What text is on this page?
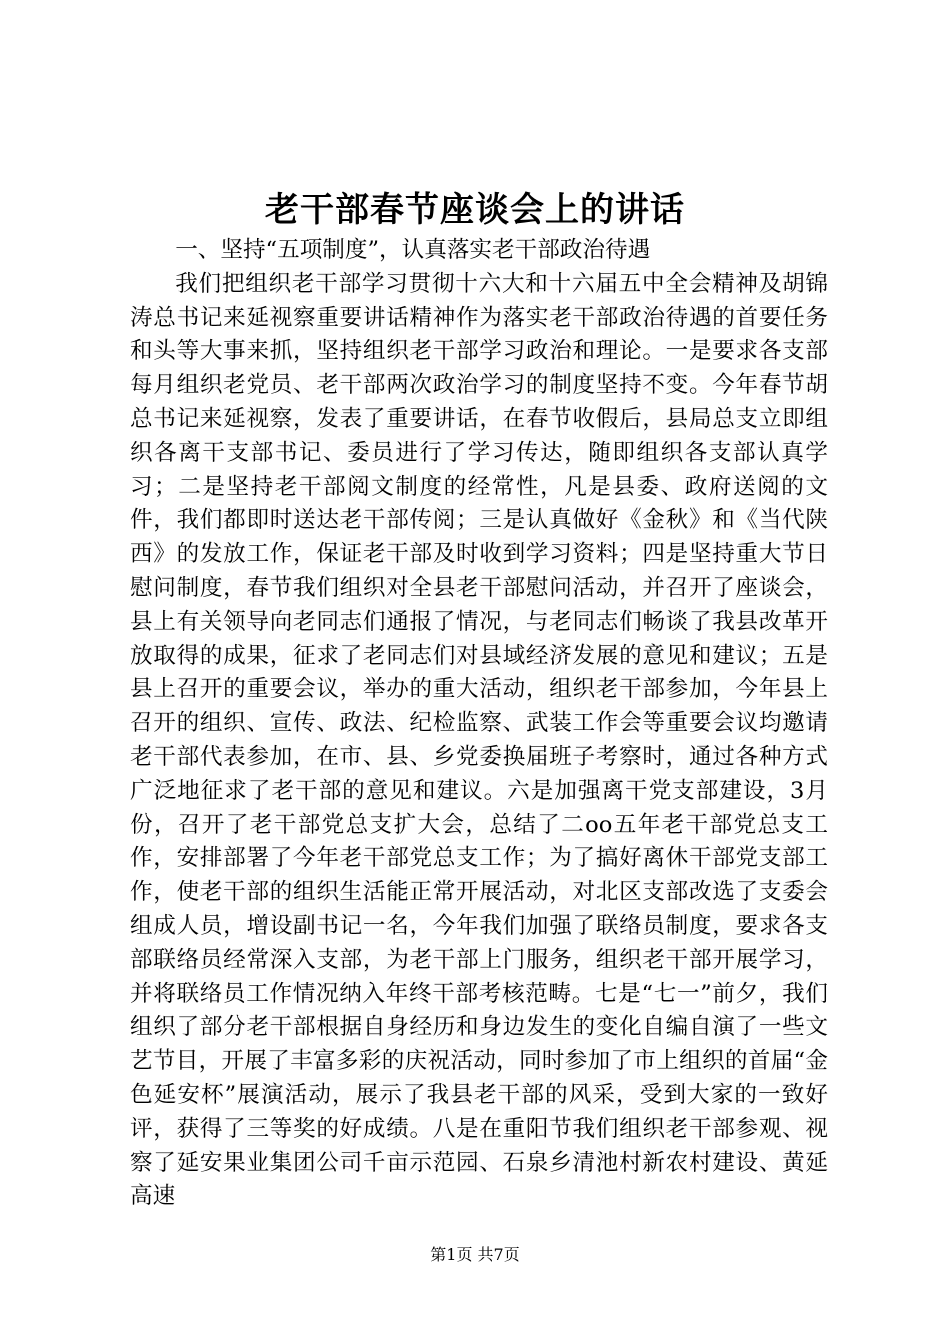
老干部春节座谈会上的讲话

一、坚持“五项制度”，认真落实老干部政治待遇

我们把组织老干部学习贯彻十六大和十六届五中全会精神及胡锦涛总书记来延视察重要讲话精神作为落实老干部政治待遇的首要任务和头等大事来抓，坚持组织老干部学习政治和理论。一是要求各支部每月组织老党员、老干部两次政治学习的制度坚持不变。今年春节胡总书记来延视察，发表了重要讲话，在春节收假后，县局总支立即组织各离干支部书记、委员进行了学习传达，随即组织各支部认真学习；二是坚持老干部阅文制度的经常性，凡是县委、政府送阅的文件，我们都即时送达老干部传阅；三是认真做好《金秋》和《当代陕西》的发放工作，保证老干部及时收到学习资料；四是坚持重大节日慰问制度，春节我们组织对全县老干部慰问活动，并召开了座谈会，县上有关领导向老同志们通报了情况，与老同志们畅谈了我县改革开放取得的成果，征求了老同志们对县域经济发展的意见和建议；五是县上召开的重要会议，举办的重大活动，组织老干部参加，今年县上召开的组织、宣传、政法、纪检监察、武装工作会等重要会议均邀请老干部代表参加，在市、县、乡党委换届班子考察时，通过各种方式广泛地征求了老干部的意见和建议。六是加强离干党支部建设，3月份，召开了老干部党总支扩大会，总结了二oo五年老干部党总支工作，安排部署了今年老干部党总支工作；为了搞好离休干部党支部工作，使老干部的组织生活能正常开展活动，对北区支部改选了支委会组成人员，增设副书记一名，今年我们加强了联络员制度，要求各支部联络员经常深入支部，为老干部上门服务，组织老干部开展学习，并将联络员工作情况纳入年终干部考核范畴。七是“七一”前夕，我们组织了部分老干部根据自身经历和身边发生的变化自编自演了一些文艺节目，开展了丰富多彩的庆祝活动，同时参加了市上组织的首届“金色延安杯”展演活动，展示了我县老干部的风采，受到大家的一致好评，获得了三等奖的好成绩。八是在重阳节我们组织老干部参观、视察了延安果业集团公司千亩示范园、石泉乡清池村新农村建设、黄延高速

第1页 共7页
